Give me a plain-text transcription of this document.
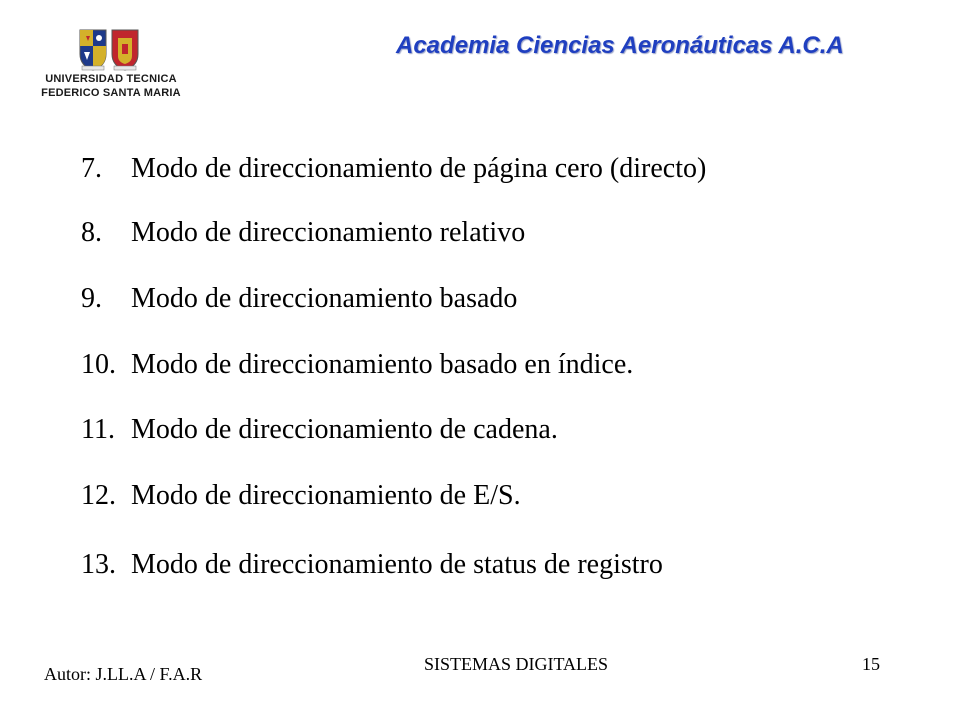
UNIVERSIDAD TECNICA
FEDERICO SANTA MARIA
Academia Ciencias Aeronáuticas A.C.A
7. Modo de direccionamiento de página cero (directo)
8. Modo de direccionamiento relativo
9. Modo de direccionamiento basado
10. Modo de direccionamiento basado en índice.
11. Modo de direccionamiento de cadena.
12. Modo de direccionamiento de E/S.
13. Modo de direccionamiento de status de registro
Autor: J.LL.A / F.A.R	SISTEMAS DIGITALES	15
